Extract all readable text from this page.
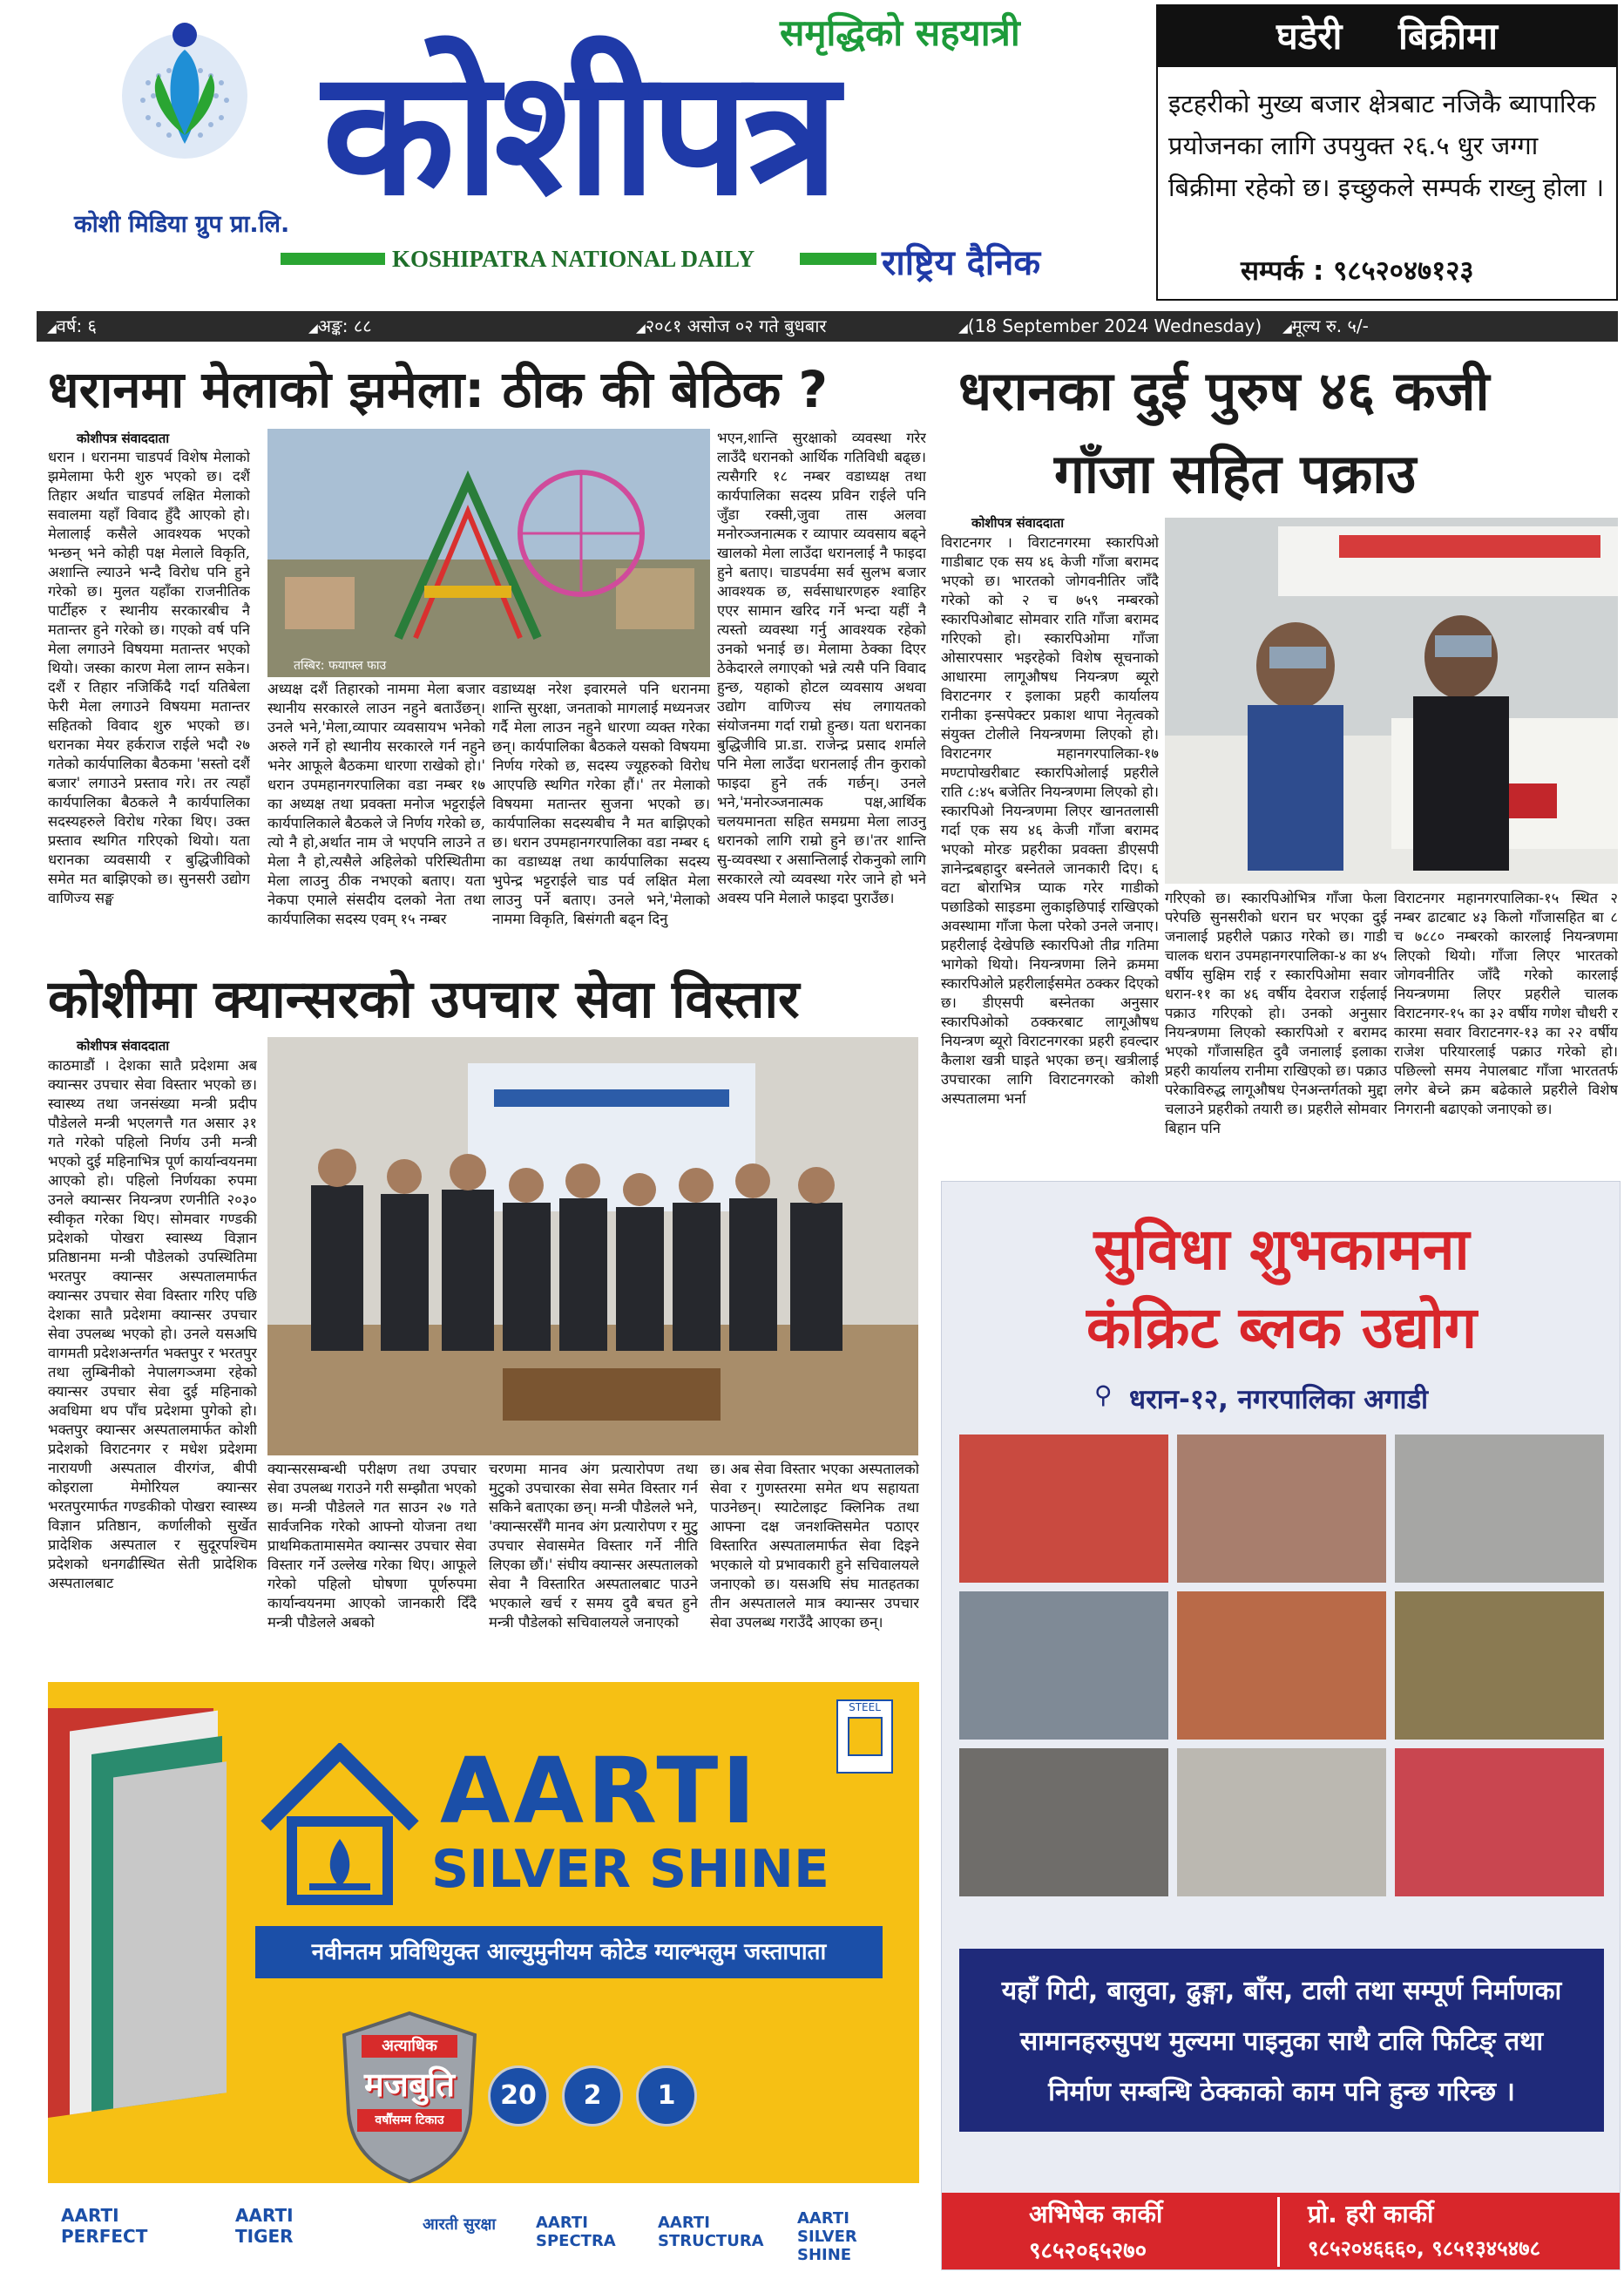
कोशी मिडिया ग्रुप प्रा.लि.
समृद्धिको सहयात्री
कोशीपत्र
KOSHIPATRA NATIONAL DAILY	राष्ट्रिय दैनिक
घडेरी बिक्रीमा
इटहरीको मुख्य बजार क्षेत्रबाट नजिकै ब्यापारिक प्रयोजनका लागि उपयुक्त २६.५ धुर जग्गा बिक्रीमा रहेको छ। इच्छुकले सम्पर्क राख्नु होला ।
सम्पर्क : ९८५२०४७१२३
◢ वर्ष: ६	◢ अङ्क: ८८	◢ २०८१ असोज ०२ गते बुधबार	◢ (18 September 2024 Wednesday)	◢ मूल्य रु. ५/-
धरानमा मेलाको झमेला: ठीक की बेठिक ?
कोशीपत्र संवाददाता
धरान । धरानमा चाडपर्व विशेष मेलाको झमेलामा फेरी शुरु भएको छ। दशैं तिहार अर्थात चाडपर्व लक्षित मेलाको सवालमा यहाँ विवाद हुँदै आएको हो। मेलालाई कसैले आवश्यक भएको भन्छन् भने कोही पक्ष मेलाले विकृति, अशान्ति ल्याउने भन्दै विरोध पनि हुने गरेको छ। मुलत यहाँका राजनीतिक पार्टीहरु र स्थानीय सरकारबीच नै मतान्तर हुने गरेको छ। गएको वर्ष पनि मेला लगाउने विषयमा मतान्तर भएको थियो। जस्का कारण मेला लाग्न सकेन।दशैं र तिहार नजिकिँदै गर्दा यतिबेला फेरी मेला लगाउने विषयमा मतान्तर सहितको विवाद शुरु भएको छ। धरानका मेयर हर्कराज राईले भदौ २७ गतेको कार्यपालिका बैठकमा 'सस्तो दशैं बजार' लगाउने प्रस्ताव गरे। तर त्यहाँ कार्यपालिका बैठकले नै कार्यपालिका सदस्यहरुले विरोध गरेका थिए। उक्त प्रस्ताव स्थगित गरिएको थियो। यता धरानका व्यवसायी र बुद्धिजीविको समेत मत बाझिएको छ। सुनसरी उद्योग वाणिज्य सङ्घ
तस्बिर: फयाफ्ल फाउ
अध्यक्ष दशैं तिहारको नाममा मेला बजार स्थानीय सरकारले लाउन नहुने बताउँछन्। उनले भने,'मेला,व्यापार व्यवसायभ भनेको अरुले गर्ने हो स्थानीय सरकारले गर्न नहुने भनेर आफूले बैठकमा धारणा राखेको हो।' धरान उपमहानगरपालिका वडा नम्बर १७ का अध्यक्ष तथा प्रवक्ता मनोज भट्टराईले कार्यपालिकाले बैठकले जे निर्णय गरेको छ, त्यो नै हो,अर्थात नाम जे भएपनि लाउने त मेला नै हो,त्यसैले अहिलेको परिस्थितीमा मेला लाउनु ठीक नभएको बताए। यता नेकपा एमाले संसदीय दलको नेता तथा कार्यपालिका सदस्य एवम् १५ नम्बर
वडाध्यक्ष नरेश इवारमले पनि धरानमा शान्ति सुरक्षा, जनताको मागलाई मध्यनजर गर्दै मेला लाउन नहुने धारणा व्यक्त गरेका छन्। कार्यपालिका बैठकले यसको विषयमा निर्णय गरेको छ, सदस्य ज्यूहरुको विरोध आएपछि स्थगित गरेका हौं।' तर मेलाको विषयमा मतान्तर सुजना भएको छ। कार्यपालिका सदस्यबीच नै मत बाझिएको छ। धरान उपमहानगरपालिका वडा नम्बर ६ का वडाध्यक्ष तथा कार्यपालिका सदस्य भुपेन्द्र भट्टराईले चाड पर्व लक्षित मेला लाउनु पर्ने बताए। उनले भने,'मेलाको नाममा विकृति, बिसंगती बढ्न दिनु
भएन,शान्ति सुरक्षाको व्यवस्था गरेर लाउँदै धरानको आर्थिक गतिविधी बढ्छ। त्यसैगरि १८ नम्बर वडाध्यक्ष तथा कार्यपालिका सदस्य प्रविन राईले पनि जुँडा रक्सी,जुवा तास अलवा मनोरञ्जनात्मक र व्यापार व्यवसाय बढ्ने खालको मेला लाउँदा धरानलाई नै फाइदा हुने बताए। चाडपर्वमा सर्व सुलभ बजार आवश्यक छ, सर्वसाधारणहरु श्वाहिर एएर सामान खरिद गर्ने भन्दा यहीं नै त्यस्तो व्यवस्था गर्नु आवश्यक रहेको उनको भनाई छ। मेलामा ठेक्का दिएर ठेकेदारले लगाएको भन्ने त्यसै पनि विवाद हुन्छ, यहाको होटल व्यवसाय अथवा उद्योग वाणिज्य संघ लगायतको संयोजनमा गर्दा राम्रो हुन्छ। यता धरानका बुद्धिजीवि प्रा.डा. राजेन्द्र प्रसाद शर्माले पनि मेला लाउँदा धरानलाई तीन कुराको फाइदा हुने तर्क गर्छन्। उनले भने,'मनोरञ्जनात्मक पक्ष,आर्थिक चलयमानता सहित समग्रमा मेला लाउनु धरानको लागि राम्रो हुने छ।'तर शान्ति सु-व्यवस्था र असान्तिलाई रोकनुको लागि सरकारले त्यो व्यवस्था गरेर जाने हो भने अवस्य पनि मेलाले फाइदा पुराउँछ।
धरानका दुई पुरुष ४६ कजी
गाँजा सहित पक्राउ
कोशीपत्र संवाददाता
विराटनगर । विराटनगरमा स्कारपिओ गाडीबाट एक सय ४६ केजी गाँजा बरामद भएको छ। भारतको जोगवनीतिर जाँदै गरेको को २ च ७५९ नम्बरको स्कारपिओबाट सोमवार राति गाँजा बरामद गरिएको हो। स्कारपिओमा गाँजा ओसारपसार भइरहेको विशेष सूचनाको आधारमा लागूऔषध नियन्त्रण ब्यूरो विराटनगर र इलाका प्रहरी कार्यालय रानीका इन्सपेक्टर प्रकाश थापा नेतृत्वको संयुक्त टोलीले नियन्त्रणमा लिएको हो। विराटनगर महानगरपालिका-१७ मण्टापोखरीबाट स्कारपिओलाई प्रहरीले राति ८:४५ बजेतिर नियन्त्रणमा लिएको हो। स्कारपिओ नियन्त्रणमा लिएर खानतलासी गर्दा एक सय ४६ केजी गाँजा बरामद भएको मोरङ प्रहरीका प्रवक्ता डीएसपी ज्ञानेन्द्रबहादुर बस्नेतले जानकारी दिए। ६ वटा बोराभित्र प्याक गरेर गाडीको पछाडिको साइडमा लुकाइछिपाई राखिएको अवस्थामा गाँजा फेला परेको उनले जनाए। प्रहरीलाई देखेपछि स्कारपिओ तीव्र गतिमा भागेको थियो। नियन्त्रणमा लिने क्रममा स्कारपिओले प्रहरीलाईसमेत ठक्कर दिएको छ। डीएसपी बस्नेतका अनुसार स्कारपिओको ठक्करबाट लागूऔषध नियन्त्रण ब्यूरो विराटनगरका प्रहरी हवल्दार कैलाश खत्री घाइते भएका छन्। खत्रीलाई उपचारका लागि विराटनगरको कोशी अस्पतालमा भर्ना
गरिएको छ। स्कारपिओभित्र गाँजा फेला परेपछि सुनसरीको धरान घर भएका दुई जनालाई प्रहरीले पक्राउ गरेको छ। गाडी चालक धरान उपमहानगरपालिका-४ का ४५ वर्षीय सुक्षिम राई र स्कारपिओमा सवार धरान-११ का ४६ वर्षीय देवराज राईलाई पक्राउ गरिएको हो। उनको अनुसार नियन्त्रणमा लिएको स्कारपिओ र बरामद भएको गाँजासहित दुवै जनालाई इलाका प्रहरी कार्यालय रानीमा राखिएको छ। पक्राउ परेकाविरुद्ध लागूऔषध ऐनअन्तर्गतको मुद्दा चलाउने प्रहरीको तयारी छ। प्रहरीले सोमवार बिहान पनि
विराटनगर महानगरपालिका-१५ स्थित २ नम्बर ढाटबाट ४३ किलो गाँजासहित बा ८ च ७८८० नम्बरको कारलाई नियन्त्रणमा लिएको थियो। गाँजा लिएर भारतको जोगवनीतिर जाँदै गरेको कारलाई नियन्त्रणमा लिएर प्रहरीले चालक विराटनगर-१५ का ३२ वर्षीय गणेश चौधरी र कारमा सवार विराटनगर-१३ का २२ वर्षीय राजेश परियारलाई पक्राउ गरेको हो। पछिल्लो समय नेपालबाट गाँजा भारततर्फ लगेर बेच्ने क्रम बढेकाले प्रहरीले विशेष निगरानी बढाएको जनाएको छ।
कोशीमा क्यान्सरको उपचार सेवा विस्तार
कोशीपत्र संवाददाता
काठमाडौं । देशका सातै प्रदेशमा अब क्यान्सर उपचार सेवा विस्तार भएको छ। स्वास्थ्य तथा जनसंख्या मन्त्री प्रदीप पौडेलले मन्त्री भएलगत्तै गत असार ३१ गते गरेको पहिलो निर्णय उनी मन्त्री भएको दुई महिनाभित्र पूर्ण कार्यान्वयनमा आएको हो। पहिलो निर्णयका रुपमा उनले क्यान्सर नियन्त्रण रणनीति २०३० स्वीकृत गरेका थिए। सोमवार गण्डकी प्रदेशको पोखरा स्वास्थ्य विज्ञान प्रतिष्ठानमा मन्त्री पौडेलको उपस्थितिमा भरतपुर क्यान्सर अस्पतालमार्फत क्यान्सर उपचार सेवा विस्तार गरिए पछि देशका सातै प्रदेशमा क्यान्सर उपचार सेवा उपलब्ध भएको हो। उनले यसअघि वागमती प्रदेशअन्तर्गत भक्तपुर र भरतपुर तथा लुम्बिनीको नेपालगञ्जमा रहेको क्यान्सर उपचार सेवा दुई महिनाको अवधिमा थप पाँच प्रदेशमा पुगेको हो। भक्तपुर क्यान्सर अस्पतालमार्फत कोशी प्रदेशको विराटनगर र मधेश प्रदेशमा नारायणी अस्पताल वीरगंज, बीपी कोइराला मेमोरियल क्यान्सर भरतपुरमार्फत गण्डकीको पोखरा स्वास्थ्य विज्ञान प्रतिष्ठान, कर्णालीको सुर्खेत प्रादेशिक अस्पताल र सुदूरपश्चिम प्रदेशको धनगढीस्थित सेती प्रादेशिक अस्पतालबाट
क्यान्सरसम्बन्धी परीक्षण तथा उपचार सेवा उपलब्ध गराउने गरी सम्झौता भएको छ। मन्त्री पौडेलले गत साउन २७ गते सार्वजनिक गरेको आफ्नो योजना तथा प्राथमिकतामासमेत क्यान्सर उपचार सेवा विस्तार गर्ने उल्लेख गरेका थिए। आफूले गरेको पहिलो घोषणा पूर्णरुपमा कार्यान्वयनमा आएको जानकारी दिँदै मन्त्री पौडेलले अबको
चरणमा मानव अंग प्रत्यारोपण तथा मुटुको उपचारका सेवा समेत विस्तार गर्न सकिने बताएका छन्। मन्त्री पौडेलले भने, 'क्यान्सरसँगै मानव अंग प्रत्यारोपण र मुटु उपचार सेवासमेत विस्तार गर्ने नीति लिएका छौं।' संघीय क्यान्सर अस्पतालको सेवा नै विस्तारित अस्पतालबाट पाउने भएकाले खर्च र समय दुवै बचत हुने मन्त्री पौडेलको सचिवालयले जनाएको
छ। अब सेवा विस्तार भएका अस्पतालको सेवा र गुणस्तरमा समेत थप सहायता पाउनेछन्। स्याटेलाइट क्लिनिक तथा आफ्ना दक्ष जनशक्तिसमेत पठाएर विस्तारित अस्पतालमार्फत सेवा दिइने भएकाले यो प्रभावकारी हुने सचिवालयले जनाएको छ। यसअघि संघ मातहतका तीन अस्पतालले मात्र क्यान्सर उपचार सेवा उपलब्ध गराउँदै आएका छन्।
STEEL
AARTI
SILVER SHINE
नवीनतम प्रविधियुक्त आल्युमुनीयम कोटेड ग्याल्भलुम जस्तापाता
अत्याधिक
मजबुति
वर्षौंसम्म टिकाउ
20	2	1
AARTI PERFECT
AARTI TIGER
आरती सुरक्षा	AARTI SPECTRA
AARTI STRUCTURA
AARTI SILVER SHINE
सुविधा शुभकामना
कंक्रिट ब्लक उद्योग
⚲ धरान-१२, नगरपालिका अगाडी
यहाँ गिटी, बालुवा, ढुङ्गा, बाँस, टाली तथा सम्पूर्ण निर्माणका सामानहरुसुपथ मुल्यमा पाइनुका साथै टालि फिटिङ् तथा निर्माण सम्बन्धि ठेक्काको काम पनि हुन्छ गरिन्छ ।
अभिषेक कार्की
९८५२०६५२७०
प्रो. हरी कार्की
९८५२०४६६६०, ९८५१३४५४७८
